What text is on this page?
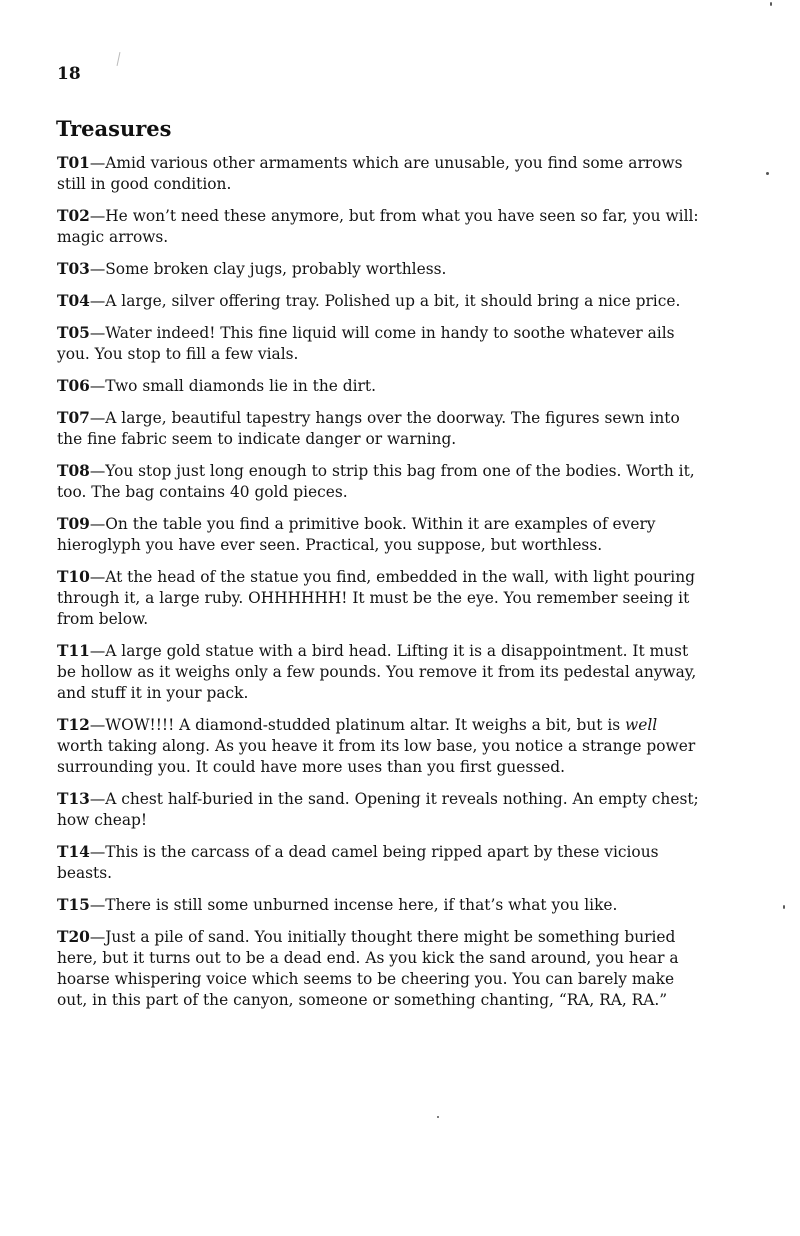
18
Treasures

T01—Amid various other armaments which are unusable, you find some arrows still in good condition.

T02—He won’t need these anymore, but from what you have seen so far, you will: magic arrows.

T03—Some broken clay jugs, probably worthless.

T04—A large, silver offering tray. Polished up a bit, it should bring a nice price.

T05—Water indeed! This fine liquid will come in handy to soothe whatever ails you. You stop to fill a few vials.

T06—Two small diamonds lie in the dirt.

T07—A large, beautiful tapestry hangs over the doorway. The figures sewn into the fine fabric seem to indicate danger or warning.

T08—You stop just long enough to strip this bag from one of the bodies. Worth it, too. The bag contains 40 gold pieces.

T09—On the table you find a primitive book. Within it are examples of every hieroglyph you have ever seen. Practical, you suppose, but worthless.

T10—At the head of the statue you find, embedded in the wall, with light pouring through it, a large ruby. OHHHHHH! It must be the eye. You remember seeing it from below.

T11—A large gold statue with a bird head. Lifting it is a disappointment. It must be hollow as it weighs only a few pounds. You remove it from its pedestal anyway, and stuff it in your pack.

T12—WOW!!!! A diamond-studded platinum altar. It weighs a bit, but is well worth taking along. As you heave it from its low base, you notice a strange power surrounding you. It could have more uses than you first guessed.

T13—A chest half-buried in the sand. Opening it reveals nothing. An empty chest; how cheap!

T14—This is the carcass of a dead camel being ripped apart by these vicious beasts.

T15—There is still some unburned incense here, if that’s what you like.

T20—Just a pile of sand. You initially thought there might be something buried here, but it turns out to be a dead end. As you kick the sand around, you hear a hoarse whispering voice which seems to be cheering you. You can barely make out, in this part of the canyon, someone or something chanting, “RA, RA, RA.”
